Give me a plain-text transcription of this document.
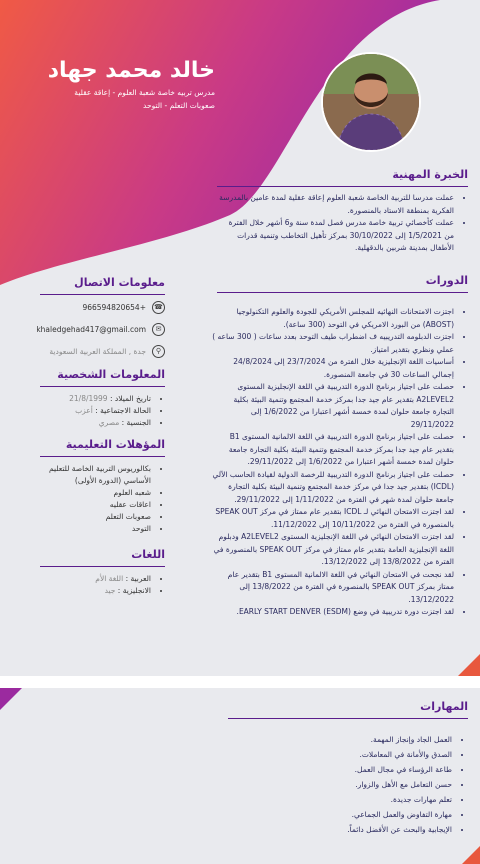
خالد محمد جهاد
مدرس تربيه خاصة شعبة العلوم - إعاقة عقلية صعوبات التعلم - التوحد
الخبرة المهنية
• عملت مدرسا للتربية الخاصة شعبة العلوم إعاقة عقلية لمدة عامين بالمدرسة الفكرية بمنطقة الاستاد بالمنصورة.
• عملت كأخصائي تربية خاصة مدرس فصل لمدة سنة و6 أشهر خلال الفترة من 1/5/2021 إلى 30/10/2022 بمركز تأهيل التخاطب وتنمية قدرات الأطفال بمدينة شربين بالدقهلية.
الدورات
• اجتزت الامتحانات النهائيه للمجلس الأمريكي للجودة والعلوم التكنولوجيا (ABOST) من البورد الامريكي في التوحد (300 ساعة).
• اجتزت الدبلومه التدريبيه ف اضطراب طيف التوحد بعدد ساعات ( 300 ساعه ) عملي ونظري بتقدير امتياز.
• أساسيات اللغة الإنجليزية خلال الفترة من 23/7/2024 إلى 24/8/2024 إجمالي الساعات 30 في جامعة المنصورة.
• حصلت على اجتياز برنامج الدورة التدريبية في اللغة الإنجليزية المستوى A2LEVEL2 بتقدير عام جيد جدا بمركز خدمة المجتمع وتنمية البيئة بكلية التجارة جامعة حلوان لمدة خمسة أشهر اعتبارا من 1/6/2022 إلى 29/11/2022
• حصلت على اجتياز برنامج الدورة التدريبية في اللغة الالمانية المستوى B1 بتقدير عام جيد جدا بمركز خدمة المجتمع وتنمية البيئة بكلية التجارة جامعة حلوان لمدة خمسة أشهر اعتبارا من 1/6/2022 إلى 29/11/2022.
• حصلت على اجتياز برنامج الدورة التدريبية للرخصة الدولية لقيادة الحاسب الآلي (ICDL) بتقدير جيد جدا في مركز خدمة المجتمع وتنمية البيئة بكلية التجارة جامعة حلوان لمدة شهر في الفترة من 1/11/2022 إلى 29/11/2022.
• لقد اجتزت الامتحان النهائي لـ ICDL بتقدير عام ممتاز في مركز SPEAK OUT بالمنصورة في الفترة من 10/11/2022 إلى 11/12/2022.
• لقد اجتزت الامتحان النهائي في اللغة الإنجليزية المستوى A2LEVEL2 ودبلوم اللغة الإنجليزية العامة بتقدير عام ممتاز في مركز SPEAK OUT بالمنصورة في الفترة من 13/8/2022 إلى 13/12/2022.
• لقد نجحت في الامتحان النهائي في اللغة الالمانية المستوى B1 بتقدير عام ممتاز بمركز SPEAK OUT بالمنصورة في الفترة من 13/8/2022 إلى 13/12/2022.
• لقد اجتزت دورة تدريبية في وضع EARLY START DENVER (ESDM).
معلومات الاتصال
☎
+966594820654
✉
khaledgehad417@gmail.com
⚲
جدة , المملكة العربية السعودية
المعلومات الشخصية
• تاريخ الميلاد : 21/8/1999
• الحالة الاجتماعية : أعزب
• الجنسية : مصري
المؤهلات التعليمية
• بكالوريوس التربية الخاصة للتعليم الأساسي (الدورة الأولى)
• شعبه العلوم
• اعاقات عقليه
• صعوبات التعلم
• التوحد
اللغات
• العربية : اللغة الأم
• الانجليزية : جيد
المهارات
• العمل الجاد وإنجاز المهمة.
• الصدق والأمانة في المعاملات.
• طاعة الرؤساء في مجال العمل.
• حسن التعامل مع الأهل والزوار.
• تعلم مهارات جديدة.
• مهارة التفاوض والعمل الجماعي.
• الإيجابية والبحث عن الأفضل دائماً.
